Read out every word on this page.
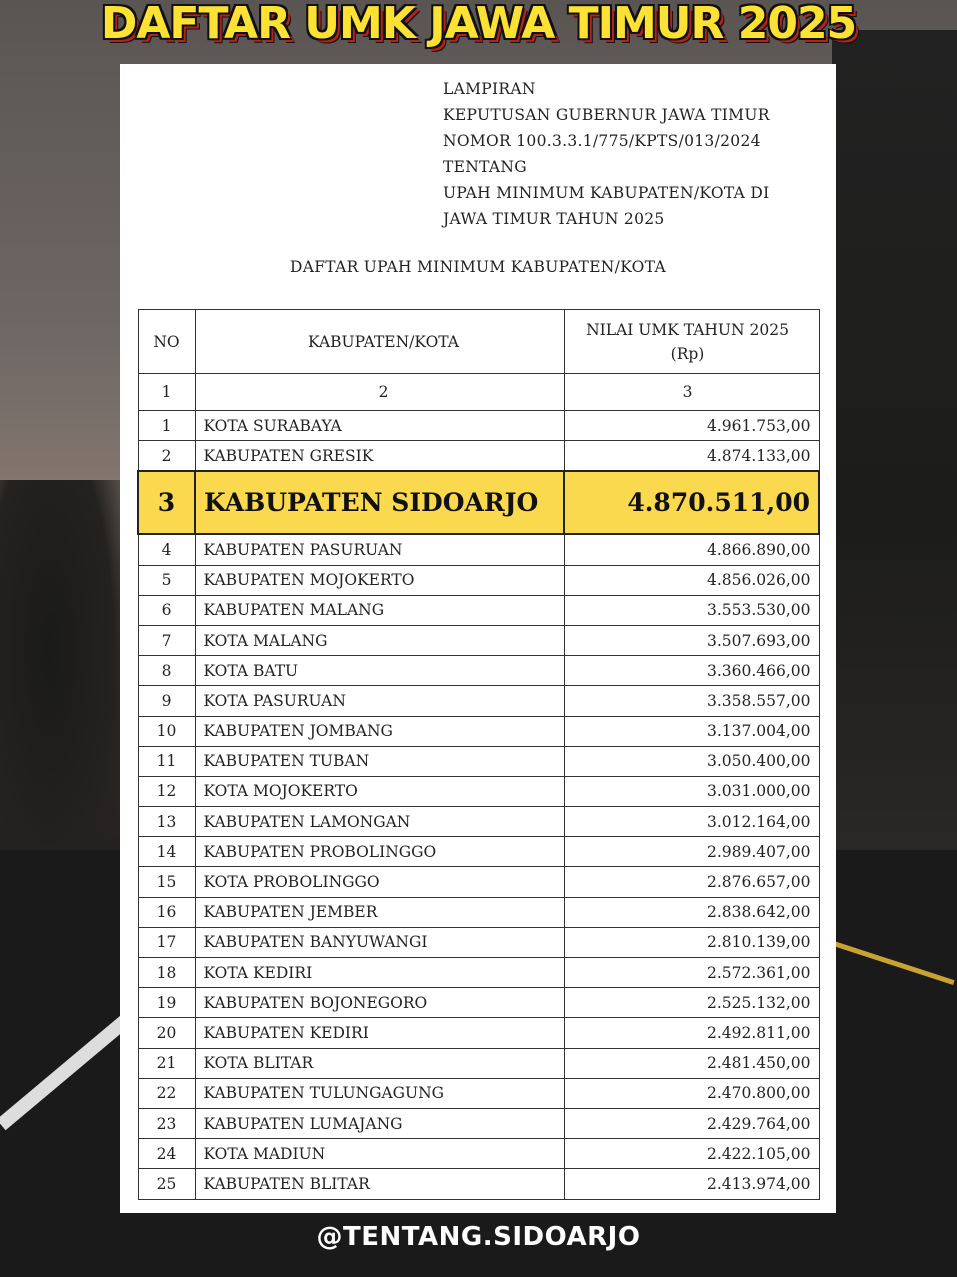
DAFTAR UMK JAWA TIMUR 2025
LAMPIRAN
KEPUTUSAN GUBERNUR JAWA TIMUR
NOMOR 100.3.3.1/775/KPTS/013/2024
TENTANG
UPAH MINIMUM KABUPATEN/KOTA DI
JAWA TIMUR TAHUN 2025
DAFTAR UPAH MINIMUM KABUPATEN/KOTA
NO	KABUPATEN/KOTA	NILAI UMK TAHUN 2025
(Rp)

1	2	3
1	KOTA SURABAYA	4.961.753,00
2	KABUPATEN GRESIK	4.874.133,00
3	KABUPATEN SIDOARJO	4.870.511,00
4	KABUPATEN PASURUAN	4.866.890,00
5	KABUPATEN MOJOKERTO	4.856.026,00
6	KABUPATEN MALANG	3.553.530,00
7	KOTA MALANG	3.507.693,00
8	KOTA BATU	3.360.466,00
9	KOTA PASURUAN	3.358.557,00
10	KABUPATEN JOMBANG	3.137.004,00
11	KABUPATEN TUBAN	3.050.400,00
12	KOTA MOJOKERTO	3.031.000,00
13	KABUPATEN LAMONGAN	3.012.164,00
14	KABUPATEN PROBOLINGGO	2.989.407,00
15	KOTA PROBOLINGGO	2.876.657,00
16	KABUPATEN JEMBER	2.838.642,00
17	KABUPATEN BANYUWANGI	2.810.139,00
18	KOTA KEDIRI	2.572.361,00
19	KABUPATEN BOJONEGORO	2.525.132,00
20	KABUPATEN KEDIRI	2.492.811,00
21	KOTA BLITAR	2.481.450,00
22	KABUPATEN TULUNGAGUNG	2.470.800,00
23	KABUPATEN LUMAJANG	2.429.764,00
24	KOTA MADIUN	2.422.105,00
25	KABUPATEN BLITAR	2.413.974,00
@TENTANG.SIDOARJO
